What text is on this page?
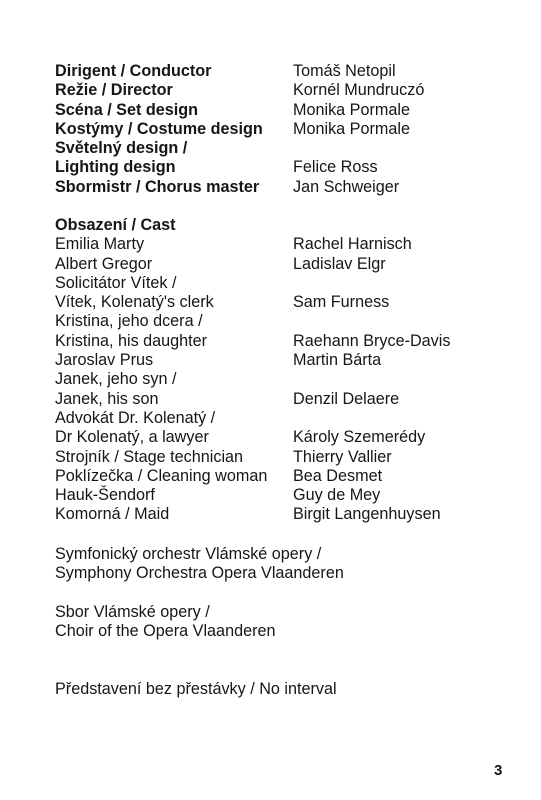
Dirigent / Conductor	Tomáš Netopil
Režie / Director	Kornél Mundruczó
Scéna / Set design	Monika Pormale
Kostýmy / Costume design	Monika Pormale
Světelný design /
Lighting design	Felice Ross
Sbormistr / Chorus master	Jan Schweiger
Obsazení / Cast
Emilia Marty	Rachel Harnisch
Albert Gregor	Ladislav Elgr
Solicitátor Vítek /
Vítek, Kolenatý's clerk	Sam Furness
Kristina, jeho dcera /
Kristina, his daughter	Raehann Bryce-Davis
Jaroslav Prus	Martin Bárta
Janek, jeho syn /
Janek, his son	Denzil Delaere
Advokát Dr. Kolenatý /
Dr Kolenatý, a lawyer	Károly Szemerédy
Strojník / Stage technician	Thierry Vallier
Poklízečka / Cleaning woman	Bea Desmet
Hauk-Šendorf	Guy de Mey
Komorná / Maid	Birgit Langenhuysen
Symfonický orchestr Vlámské opery /
Symphony Orchestra Opera Vlaanderen
Sbor Vlámské opery /
Choir of the Opera Vlaanderen
Představení bez přestávky / No interval
3
